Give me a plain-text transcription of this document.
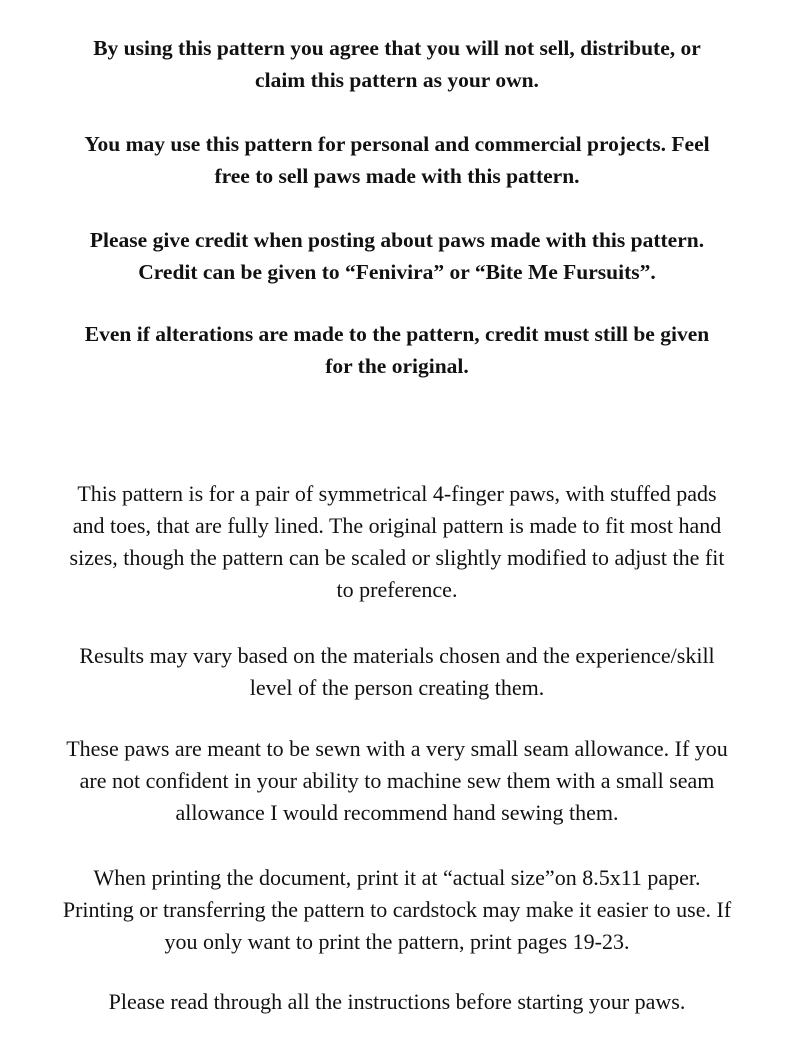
By using this pattern you agree that you will not sell, distribute, or
claim this pattern as your own.

You may use this pattern for personal and commercial projects. Feel
free to sell paws made with this pattern.

Please give credit when posting about paws made with this pattern.
Credit can be given to “Fenivira” or “Bite Me Fursuits”.

Even if alterations are made to the pattern, credit must still be given
for the original.

This pattern is for a pair of symmetrical 4-finger paws, with stuffed pads
and toes, that are fully lined. The original pattern is made to fit most hand
sizes, though the pattern can be scaled or slightly modified to adjust the fit
to preference.

Results may vary based on the materials chosen and the experience/skill
level of the person creating them.

These paws are meant to be sewn with a very small seam allowance. If you
are not confident in your ability to machine sew them with a small seam
allowance I would recommend hand sewing them.

When printing the document, print it at “actual size”on 8.5x11 paper.
Printing or transferring the pattern to cardstock may make it easier to use. If
you only want to print the pattern, print pages 19-23.

Please read through all the instructions before starting your paws.
